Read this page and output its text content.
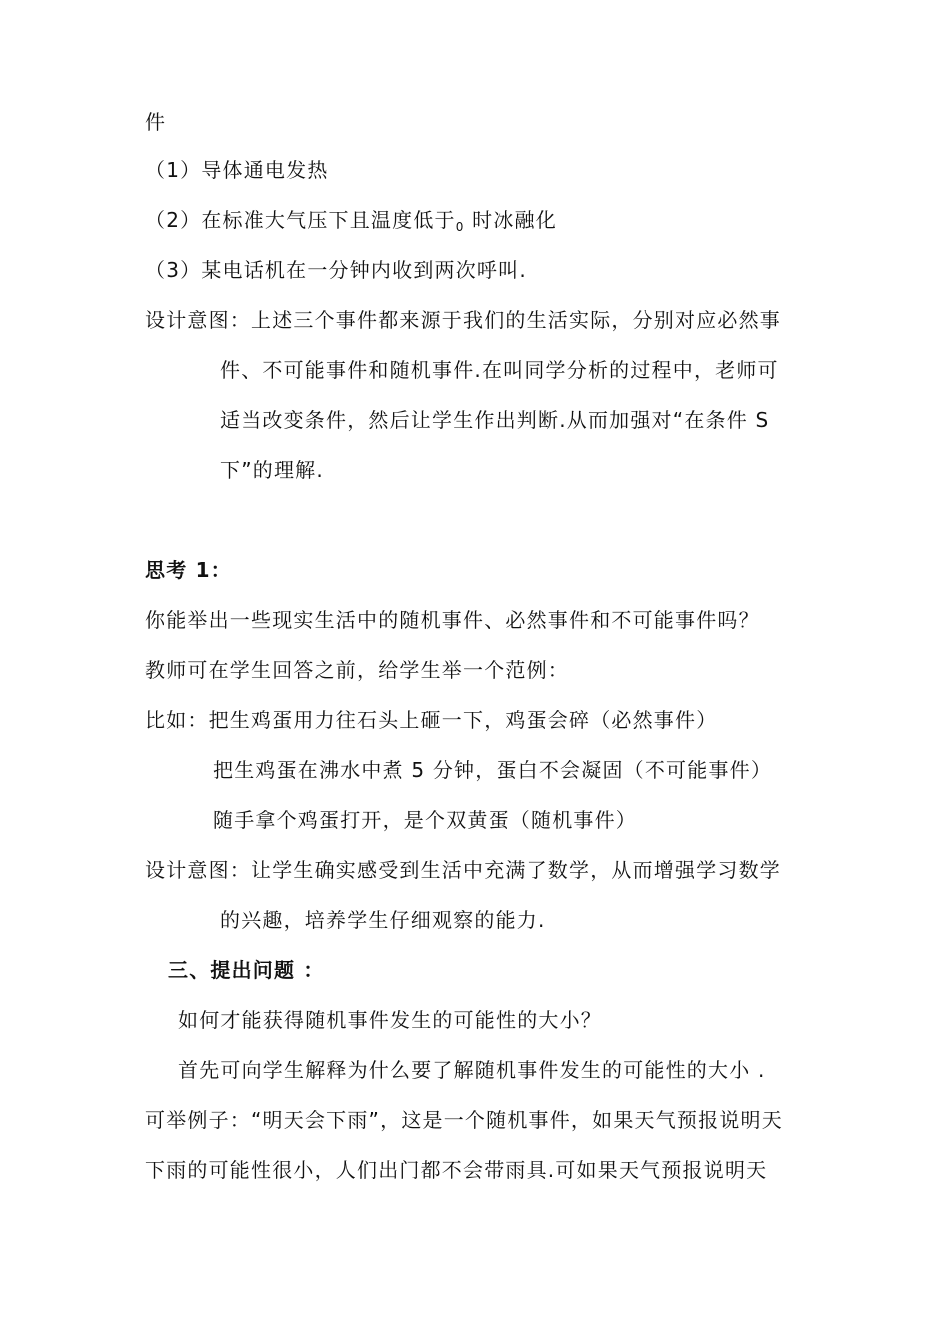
件
（1）导体通电发热
（2）在标准大气压下且温度低于$_0$ 时冰融化
（3）某电话机在一分钟内收到两次呼叫.
设计意图：上述三个事件都来源于我们的生活实际，分别对应必然事
件、不可能事件和随机事件.在叫同学分析的过程中，老师可
适当改变条件，然后让学生作出判断.从而加强对“在条件 S
下”的理解.
思考 1：
你能举出一些现实生活中的随机事件、必然事件和不可能事件吗？
教师可在学生回答之前，给学生举一个范例：
比如：把生鸡蛋用力往石头上砸一下，鸡蛋会碎（必然事件）
把生鸡蛋在沸水中煮 5 分钟，蛋白不会凝固（不可能事件）
随手拿个鸡蛋打开，是个双黄蛋（随机事件）
设计意图：让学生确实感受到生活中充满了数学，从而增强学习数学
的兴趣，培养学生仔细观察的能力.
三、提出问题 ：
如何才能获得随机事件发生的可能性的大小？
首先可向学生解释为什么要了解随机事件发生的可能性的大小 .
可举例子：“明天会下雨”，这是一个随机事件，如果天气预报说明天
下雨的可能性很小，人们出门都不会带雨具.可如果天气预报说明天
